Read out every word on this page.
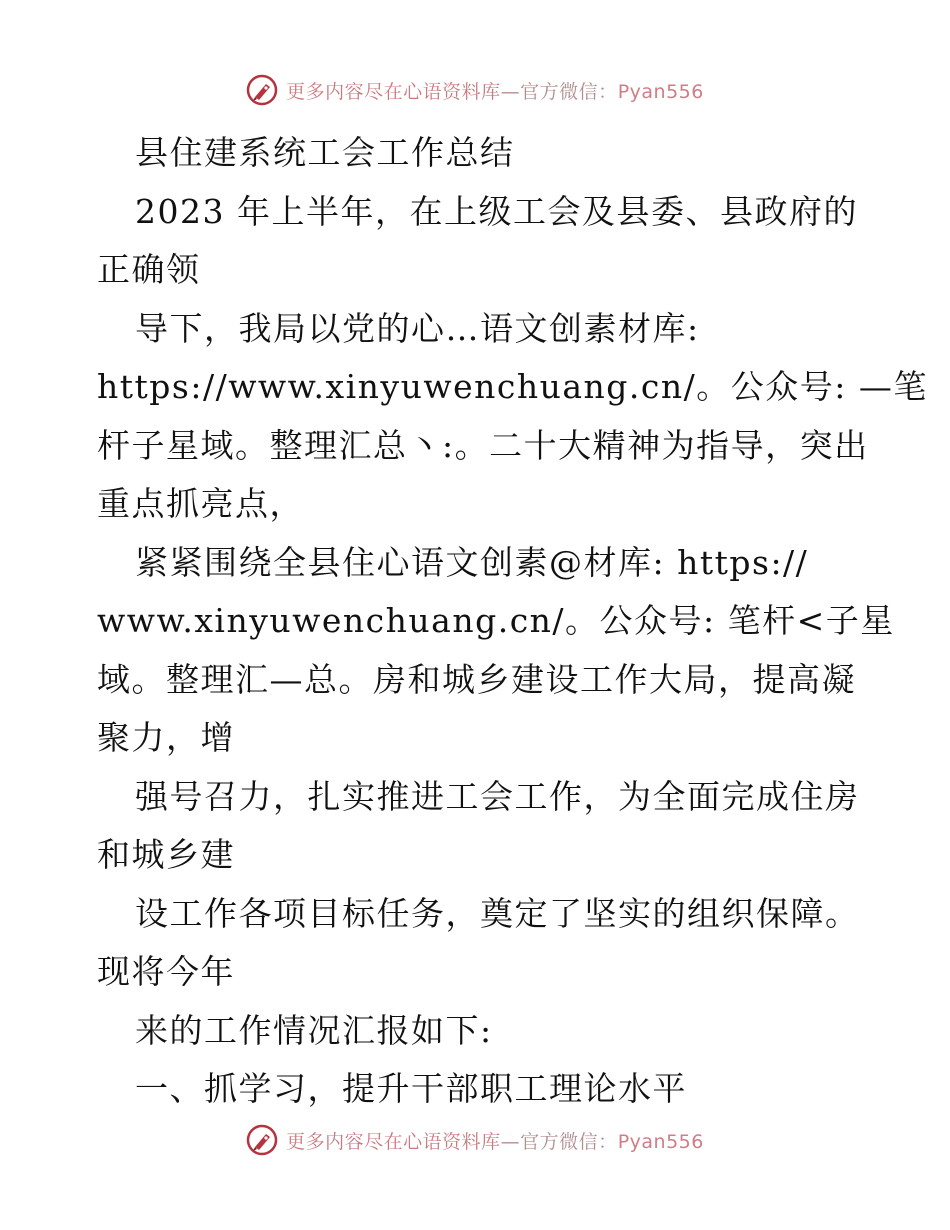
更多内容尽在心语资料库—官方微信：Pyan556
县住建系统工会工作总结
2023 年上半年，在上级工会及县委、县政府的
正确领
导下，我局以党的心…语文创素材库:
https://www.xinyuwenchuang.cn/。公众号: —笔
杆子星域。整理汇总丶:。二十大精神为指导，突出
重点抓亮点，
紧紧围绕全县住心语文创素@材库: https://
www.xinyuwenchuang.cn/。公众号: 笔杆<子星
域。整理汇—总。房和城乡建设工作大局，提高凝
聚力，增
强号召力，扎实推进工会工作，为全面完成住房
和城乡建
设工作各项目标任务，奠定了坚实的组织保障。
现将今年
来的工作情况汇报如下:
一、抓学习，提升干部职工理论水平
更多内容尽在心语资料库—官方微信：Pyan556
